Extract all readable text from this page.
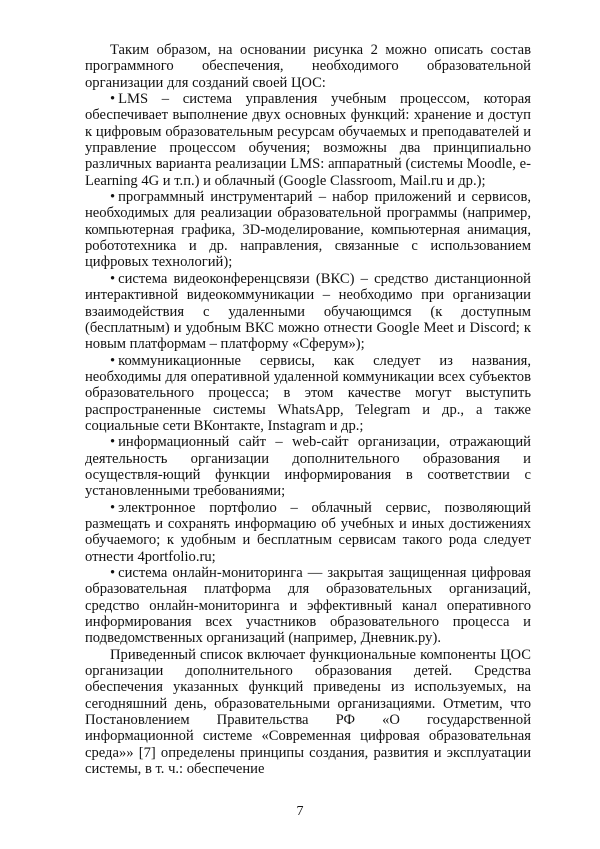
Таким образом, на основании рисунка 2 можно описать состав программного обеспечения, необходимого образовательной организации для созданий своей ЦОС:

• LMS – система управления учебным процессом, которая обеспечивает выполнение двух основных функций: хранение и доступ к цифровым образовательным ресурсам обучаемых и преподавателей и управление процессом обучения; возможны два принципиально различных варианта реализации LMS: аппаратный (системы Moodle, e-Learning 4G и т.п.) и облачный (Google Classroom, Mail.ru и др.);

• программный инструментарий – набор приложений и сервисов, необходимых для реализации образовательной программы (например, компьютерная графика, 3D-моделирование, компьютерная анимация, робототехника и др. направления, связанные с использованием цифровых технологий);

• система видеоконференцсвязи (ВКС) – средство дистанционной интерактивной видеокоммуникации – необходимо при организации взаимодействия с удаленными обучающимся (к доступным (бесплатным) и удобным ВКС можно отнести Google Meet и Discord; к новым платформам – платформу «Сферум»);

• коммуникационные сервисы, как следует из названия, необходимы для оперативной удаленной коммуникации всех субъектов образовательного процесса; в этом качестве могут выступить распространенные системы WhatsApp, Telegram и др., а также социальные сети ВКонтакте, Instagram и др.;

• информационный сайт – web-сайт организации, отражающий деятельность организации дополнительного образования и осуществля-ющий функции информирования в соответствии с установленными требованиями;

• электронное портфолио – облачный сервис, позволяющий размещать и сохранять информацию об учебных и иных достижениях обучаемого; к удобным и бесплатным сервисам такого рода следует отнести 4portfolio.ru;

• система онлайн-мониторинга — закрытая защищенная цифровая образовательная платформа для образовательных организаций, средство онлайн-мониторинга и эффективный канал оперативного информирования всех участников образовательного процесса и подведомственных организаций (например, Дневник.ру).

Приведенный список включает функциональные компоненты ЦОС организации дополнительного образования детей. Средства обеспечения указанных функций приведены из используемых, на сегодняшний день, образовательными организациями. Отметим, что Постановлением Правительства РФ «О государственной информационной системе «Современная цифровая образовательная среда»» [7] определены принципы создания, развития и эксплуатации системы, в т. ч.: обеспечение

7
